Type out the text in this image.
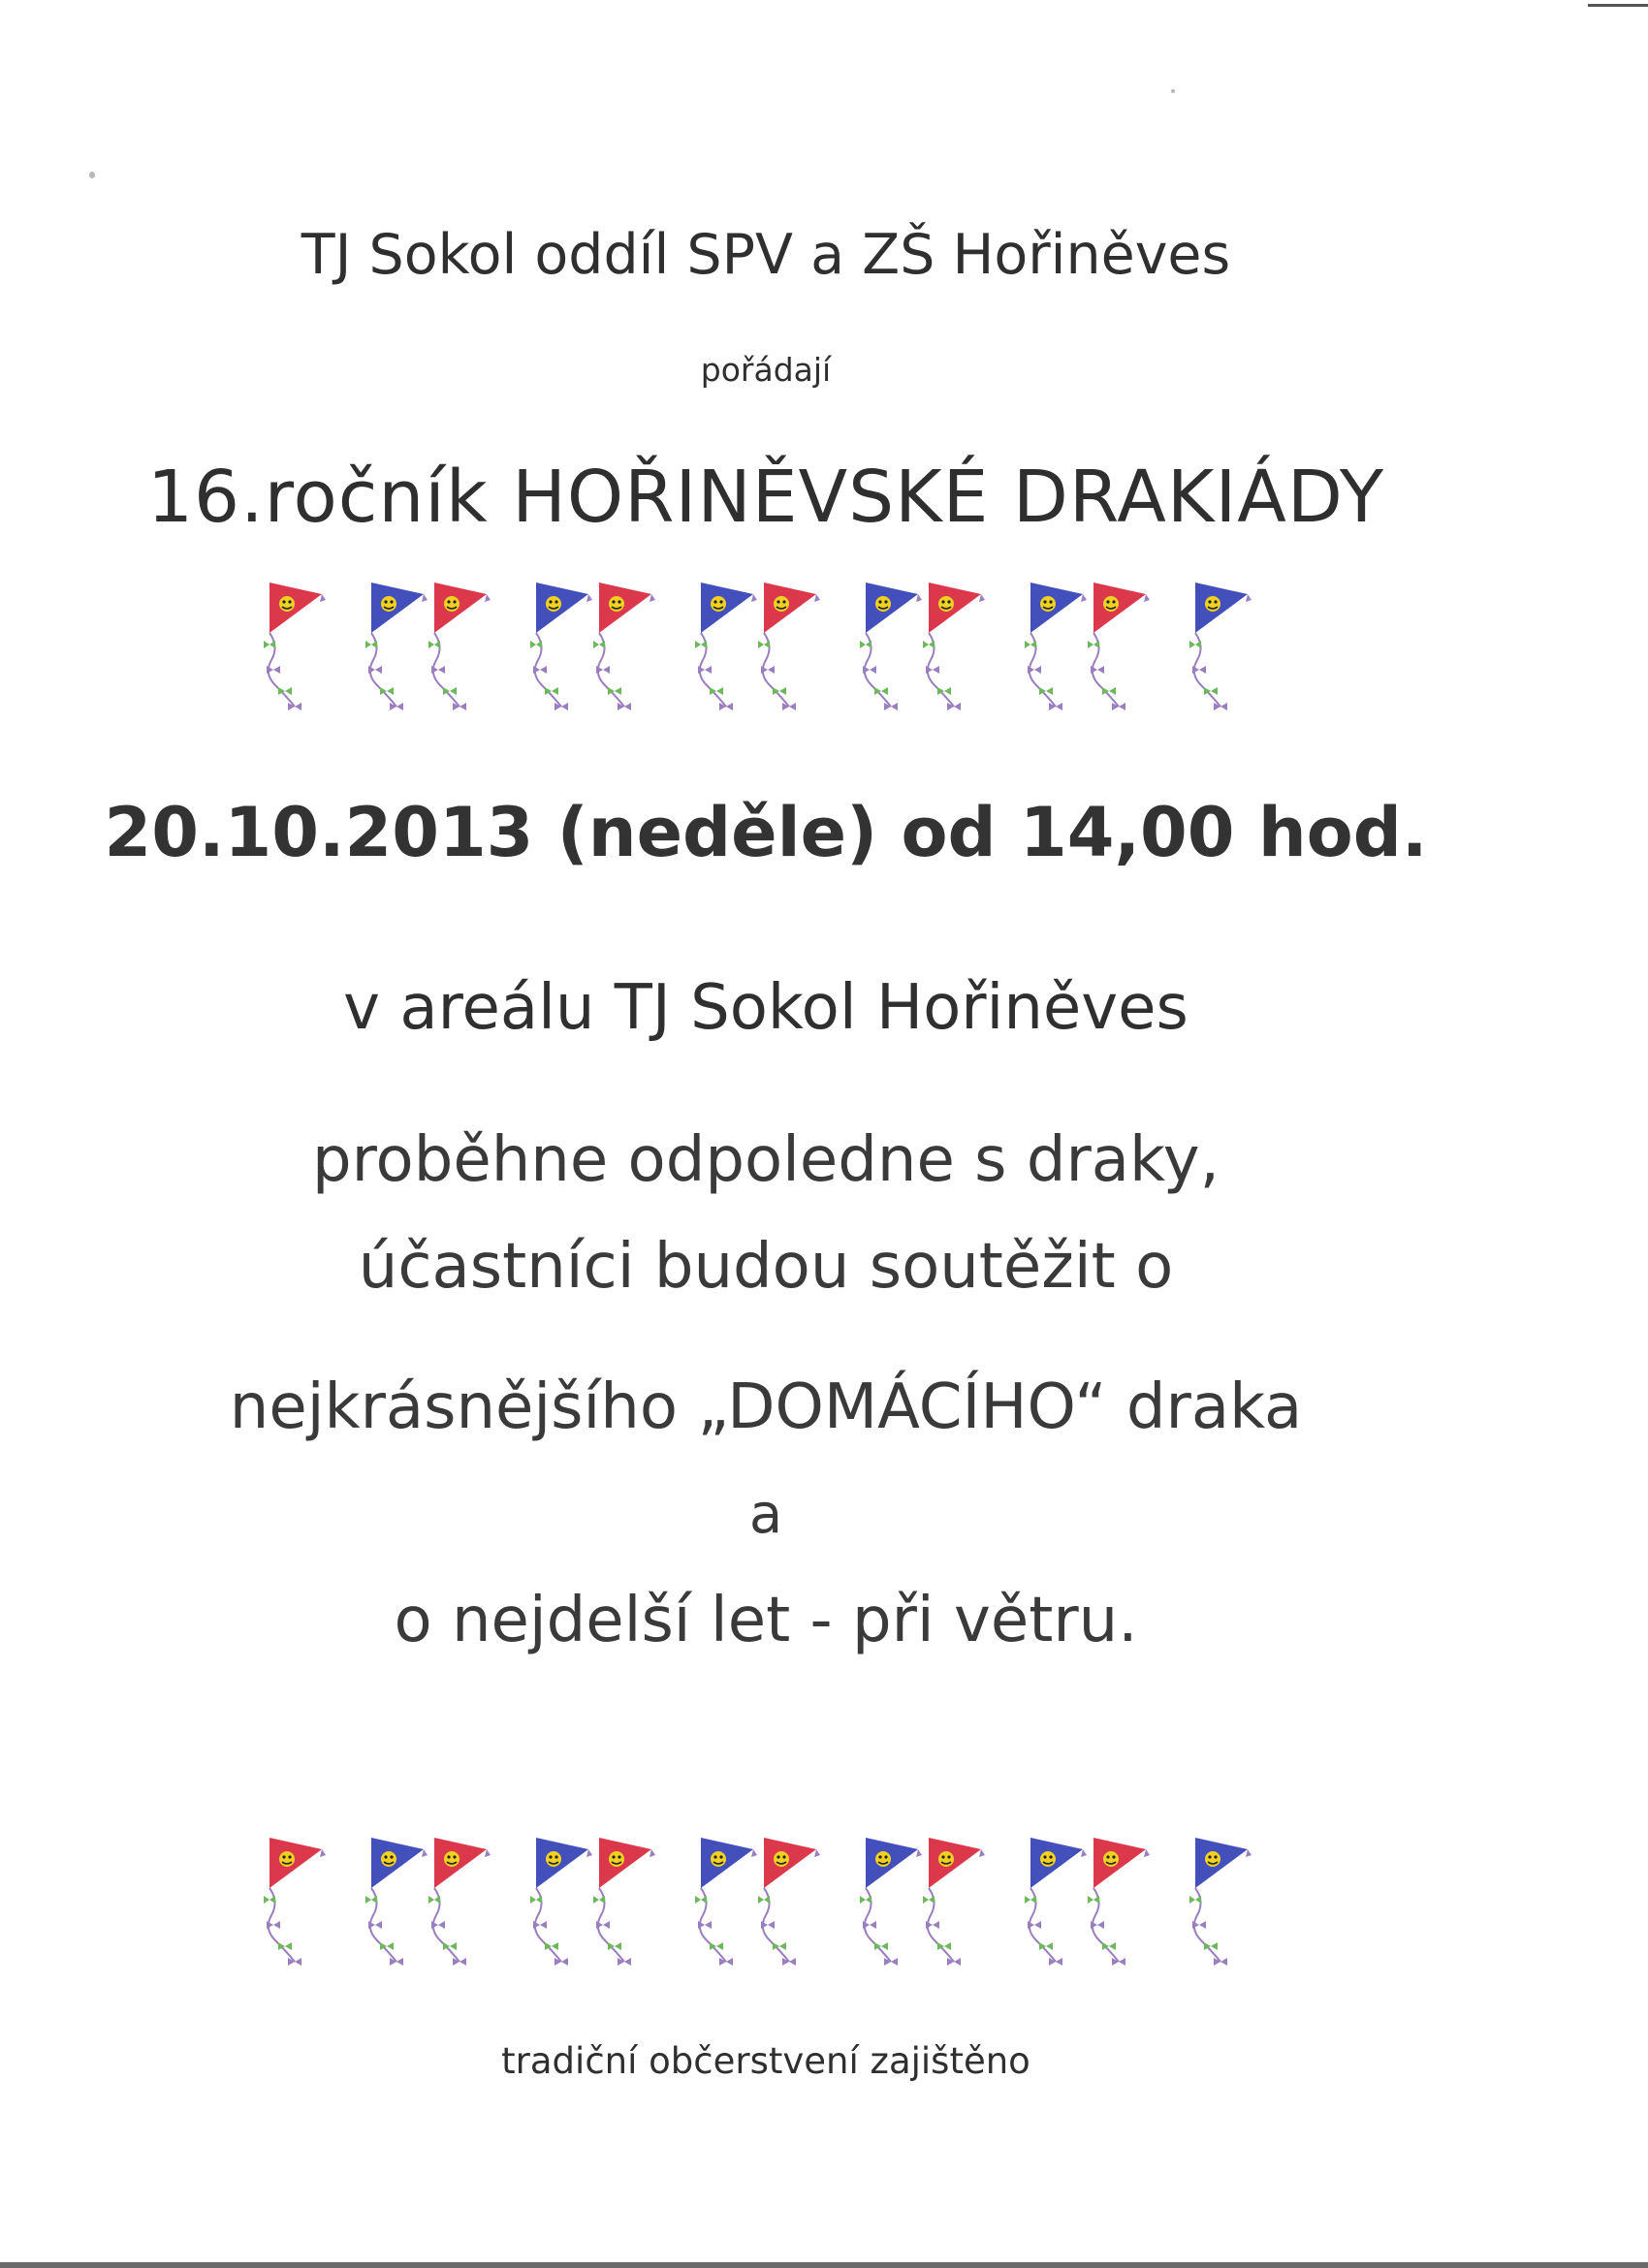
TJ Sokol oddíl SPV a ZŠ Hořiněves
pořádají
16.ročník HOŘINĚVSKÉ DRAKIÁDY
20.10.2013 (neděle) od 14,00 hod.
v areálu TJ Sokol Hořiněves
proběhne odpoledne s draky,
účastníci budou soutěžit o
nejkrásnějšího „DOMÁCÍHO“ draka
a
o nejdelší let - při větru.
tradiční občerstvení zajištěno
